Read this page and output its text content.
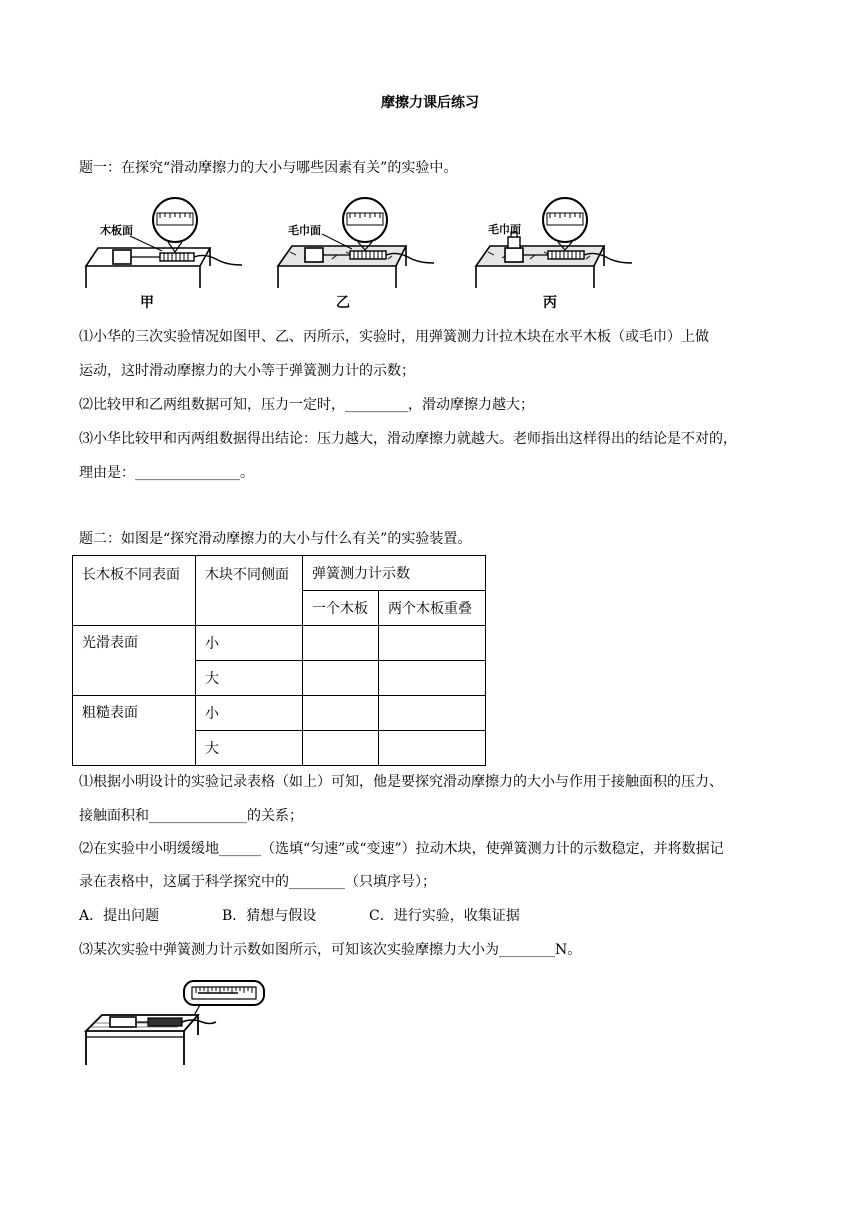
摩擦力课后练习
题一：在探究“滑动摩擦力的大小与哪些因素有关”的实验中。
木板面
甲
毛巾面
乙
毛巾面
丙
⑴小华的三次实验情况如图甲、乙、丙所示，实验时，用弹簧测力计拉木块在水平木板（或毛巾）上做
运动，这时滑动摩擦力的大小等于弹簧测力计的示数；
⑵比较甲和乙两组数据可知，压力一定时，_________，滑动摩擦力越大；
⑶小华比较甲和丙两组数据得出结论：压力越大，滑动摩擦力就越大。老师指出这样得出的结论是不对的，
理由是：_______________。
题二：如图是“探究滑动摩擦力的大小与什么有关”的实验装置。
长木板不同表面	木块不同侧面	弹簧测力计示数	
		一个木板	两个木板重叠
光滑表面	小		
	大		
粗糙表面	小		
	大		
⑴根据小明设计的实验记录表格（如上）可知，他是要探究滑动摩擦力的大小与作用于接触面积的压力、
接触面积和______________的关系；
⑵在实验中小明缓缓地______（选填“匀速”或“变速”）拉动木块，使弹簧测力计的示数稳定，并将数据记
录在表格中，这属于科学探究中的________（只填序号）；
A．提出问题	B．猜想与假设	C．进行实验，收集证据
⑶某次实验中弹簧测力计示数如图所示，可知该次实验摩擦力大小为________N。
